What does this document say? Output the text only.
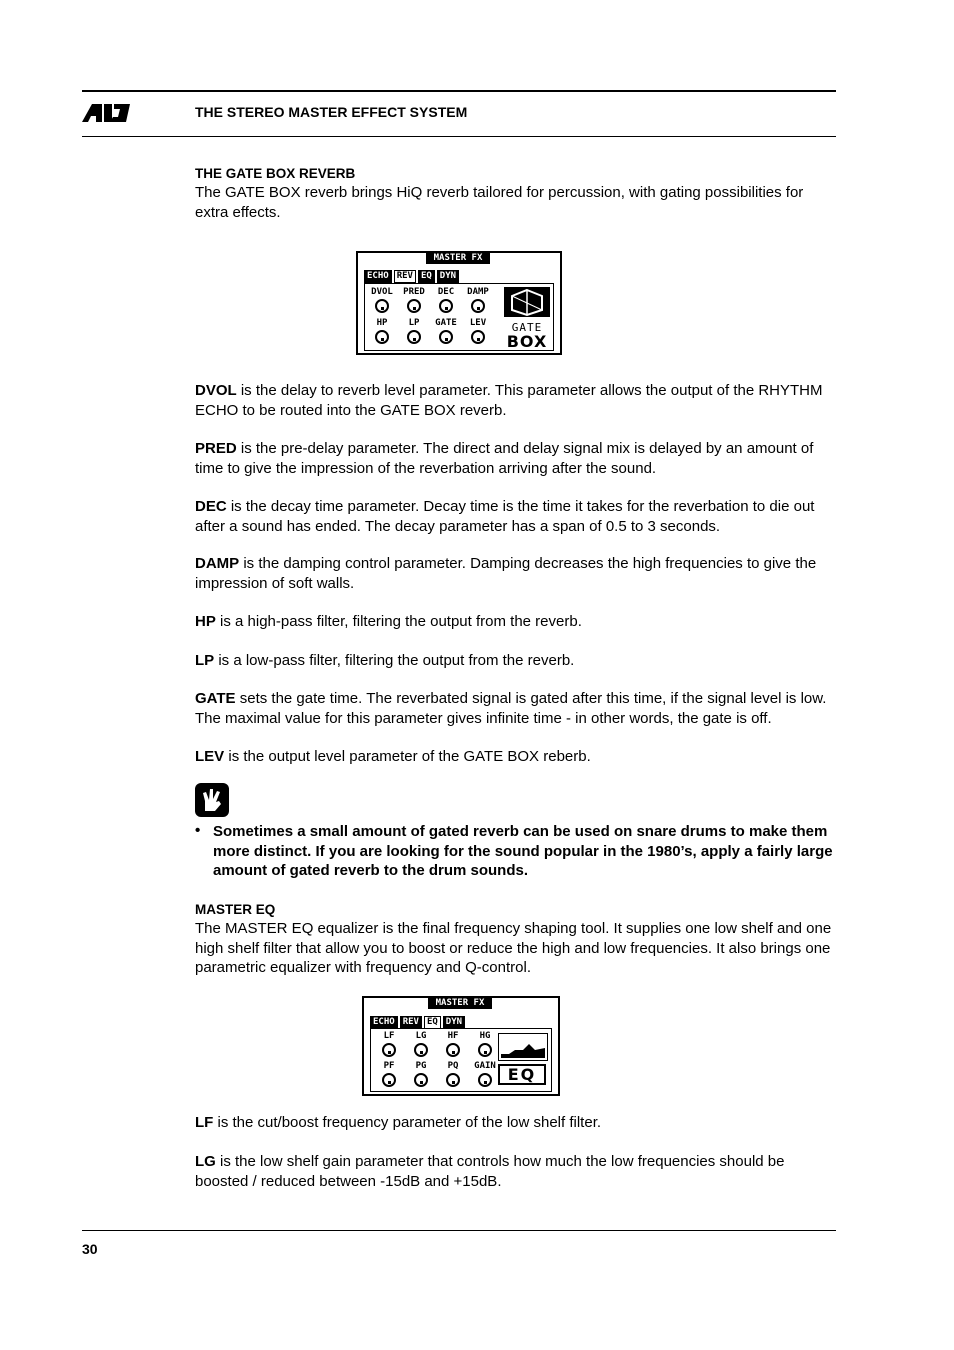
THE STEREO MASTER EFFECT SYSTEM
THE GATE BOX REVERB

The GATE BOX reverb brings HiQ reverb tailored for percussion, with gating possibilities for extra effects.

MASTER FX
ECHO REV EQ DYN
DVOL	PRED	DEC	DAMP
HP	LP	GATE	LEV	GATE
BOX

DVOL is the delay to reverb level parameter. This parameter allows the output of the RHYTHM ECHO to be routed into the GATE BOX reverb.

PRED is the pre-delay parameter. The direct and delay signal mix is delayed by an amount of time to give the impression of the reverbation arriving after the sound.

DEC is the decay time parameter. Decay time is the time it takes for the reverbation to die out after a sound has ended. The decay parameter has a span of 0.5 to 3 seconds.

DAMP is the damping control parameter. Damping decreases the high frequencies to give the impression of soft walls.

HP is a high-pass filter, filtering the output from the reverb.

LP is a low-pass filter, filtering the output from the reverb.

GATE sets the gate time. The reverbated signal is gated after this time, if the signal level is low. The maximal value for this parameter gives infinite time - in other words, the gate is off.

LEV is the output level parameter of the GATE BOX reberb.

• Sometimes a small amount of gated reverb can be used on snare drums to make them more distinct. If you are looking for the sound popular in the 1980’s, apply a fairly large amount of gated reverb to the drum sounds.

MASTER EQ

The MASTER EQ equalizer is the final frequency shaping tool. It supplies one low shelf and one high shelf filter that allow you to boost or reduce the high and low frequencies. It also brings one parametric equalizer with frequency and Q-control.

MASTER FX
ECHO REV EQ DYN
LF	LG	HF	HG
PF	PG	PQ	GAIN EQ

LF is the cut/boost frequency parameter of the low shelf filter.

LG is the low shelf gain parameter that controls how much the low frequencies should be boosted / reduced between -15dB and +15dB.

30
